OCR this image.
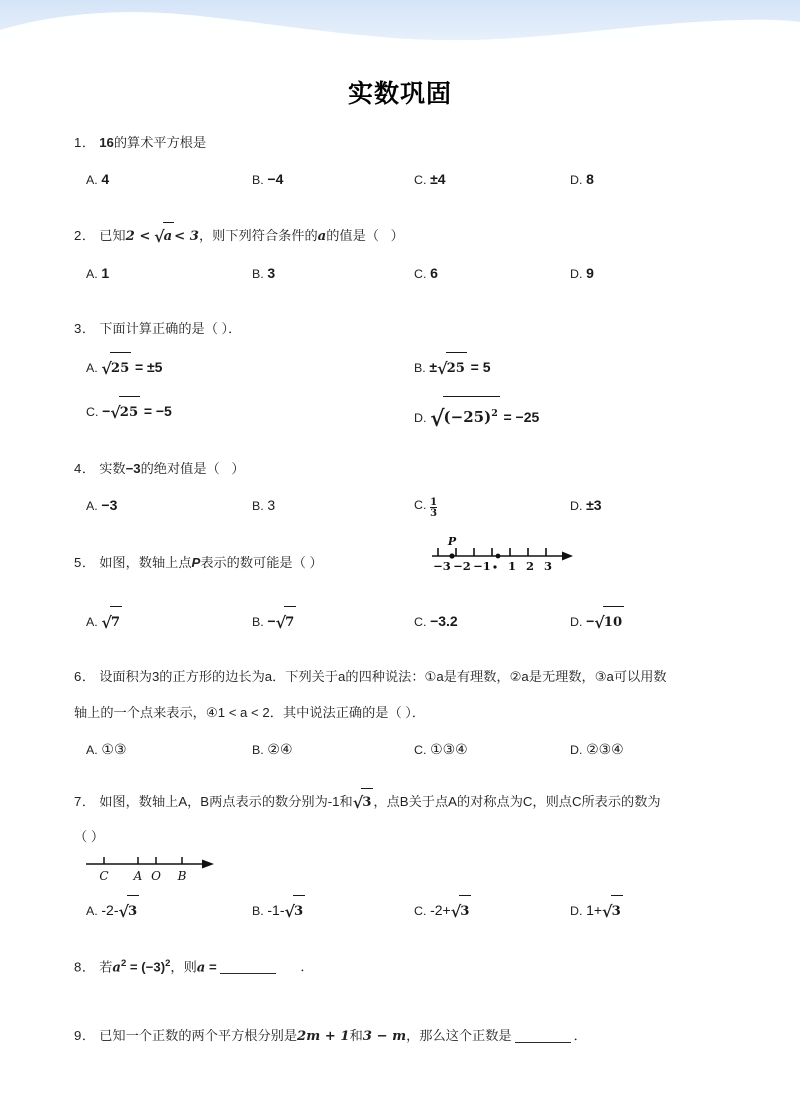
实数巩固
1． 16的算术平方根是
A. 4	B. −4	C. ±4	D. 8
2． 已知2 < √a < 3，则下列符合条件的a的值是（ ）
A. 1	B. 3	C. 6	D. 9
3． 下面计算正确的是（ ）．
A. √25 = ±5	B. ±√25 = 5
C. −√25 = −5	D. $√(-25)^2 = -25$
4． 实数−3的绝对值是（ ）
A. −3	B. 3	C. $\frac{1}{3}$	D. ±3
5． 如图，数轴上点P表示的数可能是（ ）
P
−3 −2 −1 1 2 3
A. √7	B. −√7	C. −3.2	D. −√10
6． 设面积为3的正方形的边长为a．下列关于a的四种说法：①a是有理数，②a是无理数，③a可以用数
轴上的一个点来表示，④1 < a < 2．其中说法正确的是（ ）．
A. ①③	B. ②④	C. ①③④	D. ②③④
7． 如图，数轴上A，B两点表示的数分别为-1和√3 ，点B关于点A的对称点为C，则点C所表示的数为
（ ）
C A O B
A. -2-√3	B. -1-√3	C. -2+√3	D. 1+√3
8． 若$a^2 = (-3)^2$，则a =	．
9． 已知一个正数的两个平方根分别是2m + 1和3 − m，那么这个正数是	．
